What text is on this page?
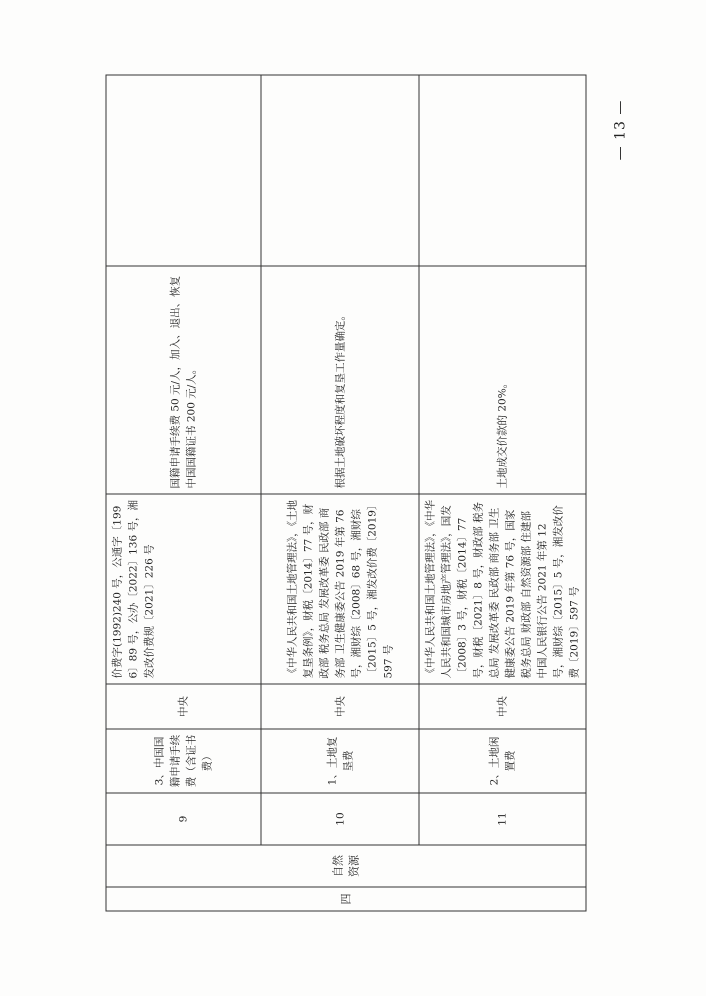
— 13 —
四	自然资源	9	3、中国国籍申请手续费（含证书费）	中央	价费字(1992)240 号，公通字〔1996〕89 号，公办〔2022〕136 号，湘发改价费规〔2021〕226 号	国籍申请手续费 50 元/人，加入、退出、恢复中国国籍证书 200 元/人。	
		10	1、土地复垦费	中央	《中华人民共和国土地管理法》，《土地复垦条例》，财税〔2014〕77 号，财政部 税务总局 发展改革委 民政部 商务部 卫生健康委公告 2019 年第 76 号，湘财综〔2008〕68 号，湘财综〔2015〕5 号，湘发改价费〔2019〕597 号	根据土地破坏程度和复垦工作量确定。	
		11	2、土地闲置费	中央	《中华人民共和国土地管理法》，《中华人民共和国城市房地产管理法》，国发〔2008〕3 号，财税〔2014〕77 号，财税〔2021〕8 号，财政部 税务总局 发展改革委 民政部 商务部 卫生健康委公告 2019 年第 76 号，国家税务总局 财政部 自然资源部 住建部 中国人民银行公告 2021 年第 12 号，湘财综〔2015〕5 号，湘发改价费〔2019〕597 号	土地成交价款的 20%。	
